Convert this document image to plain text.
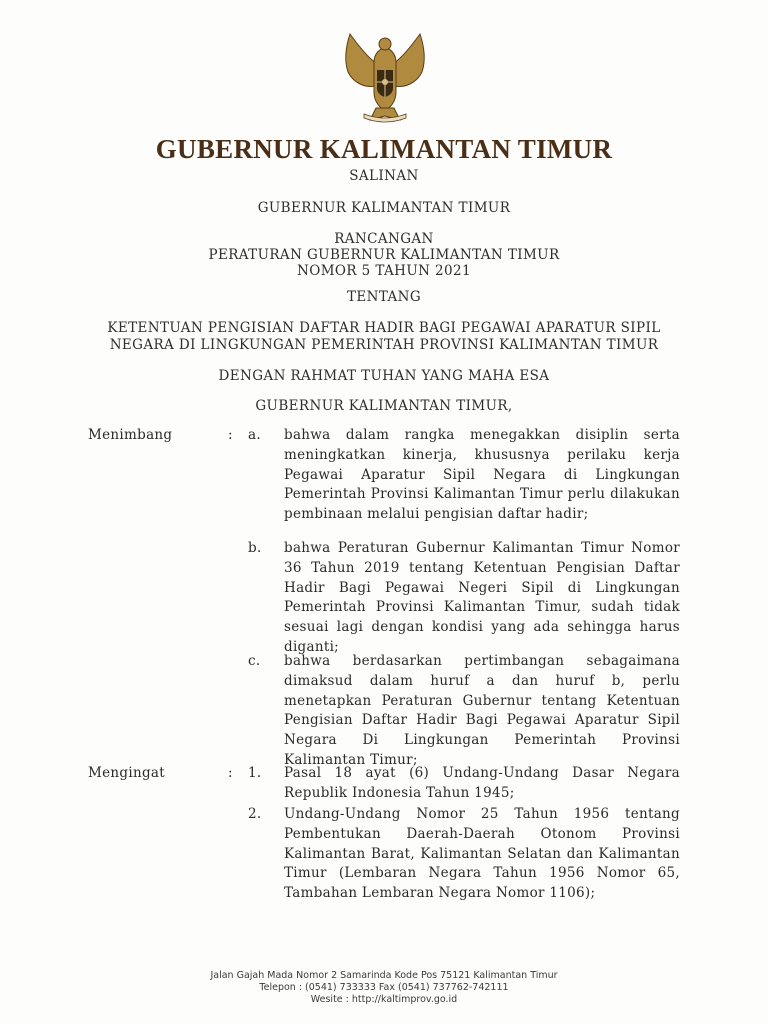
GUBERNUR KALIMANTAN TIMUR
SALINAN
GUBERNUR KALIMANTAN TIMUR
RANCANGAN
PERATURAN GUBERNUR KALIMANTAN TIMUR
NOMOR 5 TAHUN 2021
TENTANG
KETENTUAN PENGISIAN DAFTAR HADIR BAGI PEGAWAI APARATUR SIPIL
NEGARA DI LINGKUNGAN PEMERINTAH PROVINSI KALIMANTAN TIMUR
DENGAN RAHMAT TUHAN YANG MAHA ESA
GUBERNUR KALIMANTAN TIMUR,
Menimbang	: a. bahwa dalam rangka menegakkan disiplin serta meningkatkan kinerja, khususnya perilaku kerja Pegawai Aparatur Sipil Negara di Lingkungan Pemerintah Provinsi Kalimantan Timur perlu dilakukan pembinaan melalui pengisian daftar hadir;
b. bahwa Peraturan Gubernur Kalimantan Timur Nomor 36 Tahun 2019 tentang Ketentuan Pengisian Daftar Hadir Bagi Pegawai Negeri Sipil di Lingkungan Pemerintah Provinsi Kalimantan Timur, sudah tidak sesuai lagi dengan kondisi yang ada sehingga harus diganti;
c. bahwa berdasarkan pertimbangan sebagaimana dimaksud dalam huruf a dan huruf b, perlu menetapkan Peraturan Gubernur tentang Ketentuan Pengisian Daftar Hadir Bagi Pegawai Aparatur Sipil Negara Di Lingkungan Pemerintah Provinsi Kalimantan Timur;
Mengingat	: 1. Pasal 18 ayat (6) Undang-Undang Dasar Negara Republik Indonesia Tahun 1945;
2. Undang-Undang Nomor 25 Tahun 1956 tentang Pembentukan Daerah-Daerah Otonom Provinsi Kalimantan Barat, Kalimantan Selatan dan Kalimantan Timur (Lembaran Negara Tahun 1956 Nomor 65, Tambahan Lembaran Negara Nomor 1106);
Jalan Gajah Mada Nomor 2 Samarinda Kode Pos 75121 Kalimantan Timur
Telepon : (0541) 733333 Fax (0541) 737762-742111
Wesite : http://kaltimprov.go.id
